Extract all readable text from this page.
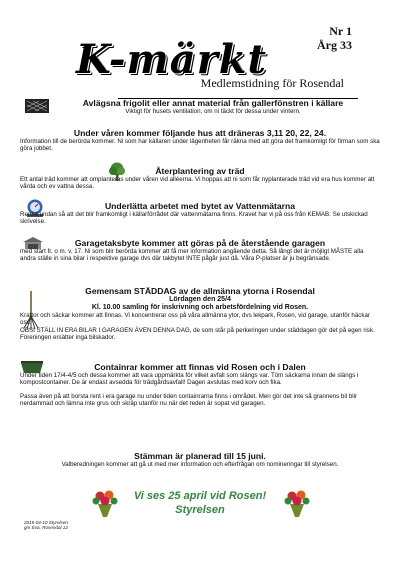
K-märkt
Nr 1
Årg 33
Medlemstidning för Rosendal
Avlägsna frigolit eller annat material från gallerfönstren i källare
Viktigt för husets ventilation, om ni täckt för dessa under vintern.
Under våren kommer följande hus att dräneras 3,11 20, 22, 24.
Information till de berörda kommer. Ni som har källaren under lägenheten får räkna med att göra det framkomligt för firman som ska göra jobbet.
Återplantering av träd
Ett antal träd kommer att omplanteras under våren vid alléerna. Vi hoppas att ni som får nyplanterade träd vid era hus kommer att vårda och ev vattna dessa.
Underlätta arbetet med bytet av Vattenmätarna
Rensa undan så att det blir framkomligt i källarförrådet där vattenmätarna finns. Kravet har vi på oss från KEMAB. Se utskickad skrivelse.
Garagetaksbyte kommer att göras på de återstående garagen
med start fr. o m. v. 17. Ni som blir berörda kommer att få mer information angående detta. Så långt det är möjligt MÅSTE alla andra ställe in sina bilar i respektive garage dvs där takbytet INTE pågår just då. Våra P-platser är ju begränsade.
Gemensam STÄDDAG av de allmänna ytorna i Rosendal
Lördagen den 25/4
Kl. 10.00 samling för inskrivning och arbetsfördelning vid Rosen.
Krattor och säckar kommer att finnas. Vi koncentrerar oss på våra allmänna ytor, dvs lekpark, Rosen, vid garage, utanför häckar osv.
OBSI STÄLL IN ERA BILAR I GARAGEN ÄVEN DENNA DAG, de som står på perkeringen under städdagen gör det på egen risk. Föreningen ersätter inga bilskador.
Containrar kommer att finnas vid Rosen och i Dalen
Under tiden 17/4-4/5 och dessa kommer att vara uppmärkta för vilket avfall som slängs var. Töm säckarna innan de slängs i kompostcontainer. De är endast avsedda för trädgårdsavfall! Dagen avslutas med korv och fika.
Passa även på att borsta rent i era garage nu under tiden containrarna finns i området. Men gör det inte så grannens bil blir nerdammad och lämna inte grus och skräp utanför nu när det reden är sopat vid garagen.
Stämman är planerad till 15 juni.
Valberedningen kommer att gå ut med mer information och efterfrågan om nomineringar till styrelsen.
Vi ses 25 april vid Rosen!
Styrelsen
2015-04-10 Styrelsen
gm Eva, Rosendal 12
